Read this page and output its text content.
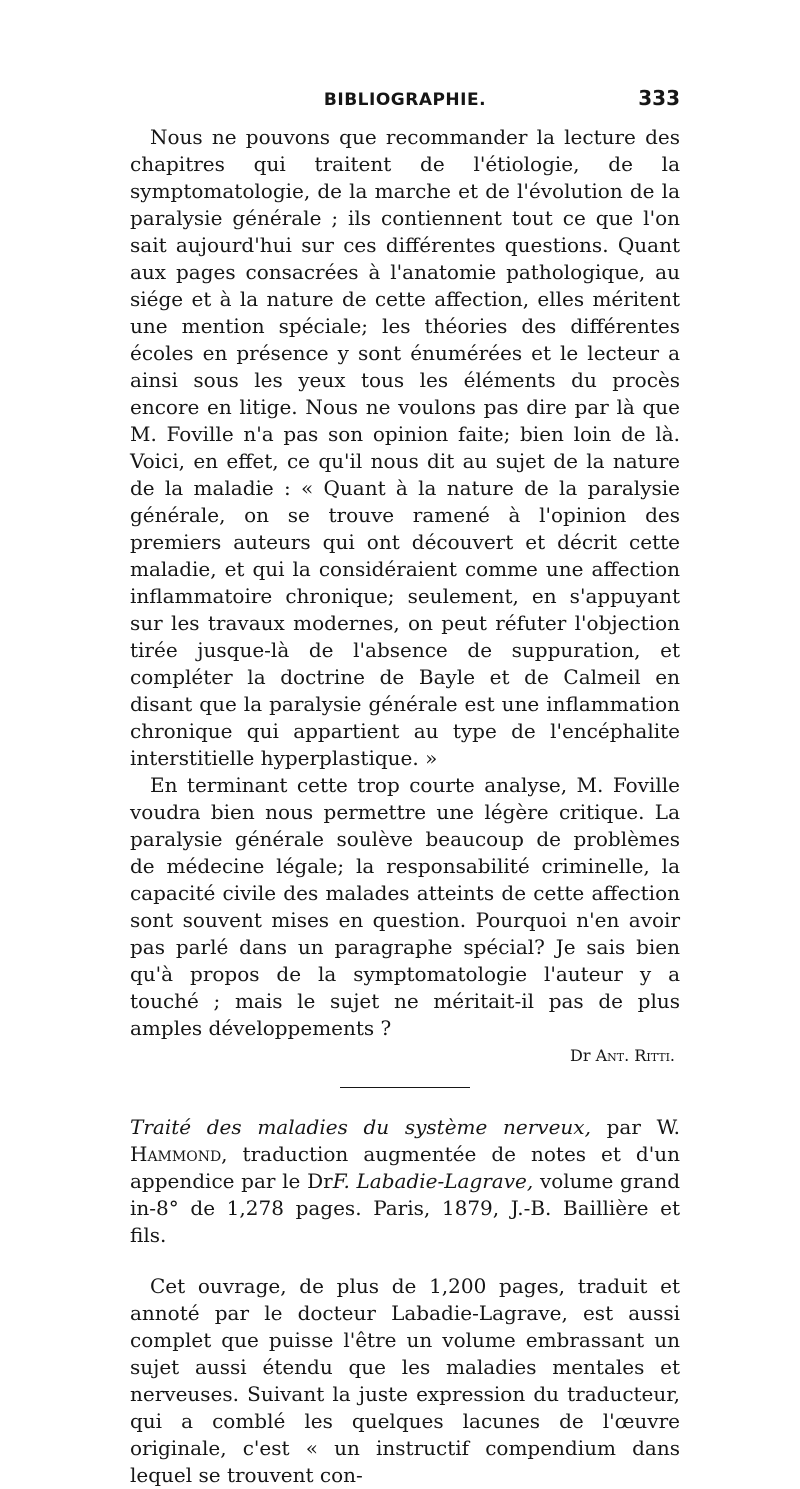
BIBLIOGRAPHIE.	333

Nous ne pouvons que recommander la lecture des chapitres qui traitent de l'étiologie, de la symptomatologie, de la marche et de l'évolution de la paralysie générale ; ils contiennent tout ce que l'on sait aujourd'hui sur ces différentes questions. Quant aux pages consacrées à l'anatomie pathologique, au siége et à la nature de cette affection, elles méritent une mention spéciale; les théories des différentes écoles en présence y sont énumérées et le lecteur a ainsi sous les yeux tous les éléments du procès encore en litige. Nous ne voulons pas dire par là que M. Foville n'a pas son opinion faite; bien loin de là. Voici, en effet, ce qu'il nous dit au sujet de la nature de la maladie : « Quant à la nature de la paralysie générale, on se trouve ramené à l'opinion des premiers auteurs qui ont découvert et décrit cette maladie, et qui la considéraient comme une affection inflammatoire chronique; seulement, en s'appuyant sur les travaux modernes, on peut réfuter l'objection tirée jusque-là de l'absence de suppuration, et compléter la doctrine de Bayle et de Calmeil en disant que la paralysie générale est une inflammation chronique qui appartient au type de l'encéphalite interstitielle hyperplastique. »

En terminant cette trop courte analyse, M. Foville voudra bien nous permettre une légère critique. La paralysie générale soulève beaucoup de problèmes de médecine légale; la responsabilité criminelle, la capacité civile des malades atteints de cette affection sont souvent mises en question. Pourquoi n'en avoir pas parlé dans un paragraphe spécial? Je sais bien qu'à propos de la symptomatologie l'auteur y a touché ; mais le sujet ne méritait-il pas de plus amples développements ?

Dr Ant. Ritti.

Traité des maladies du système nerveux, par W. Hammond, traduction augmentée de notes et d'un appendice par le DrF. Labadie-Lagrave, volume grand in-8° de 1,278 pages. Paris, 1879, J.-B. Baillière et fils.

Cet ouvrage, de plus de 1,200 pages, traduit et annoté par le docteur Labadie-Lagrave, est aussi complet que puisse l'être un volume embrassant un sujet aussi étendu que les maladies mentales et nerveuses. Suivant la juste expression du traducteur, qui a comblé les quelques lacunes de l'œuvre originale, c'est « un instructif compendium dans lequel se trouvent con-
